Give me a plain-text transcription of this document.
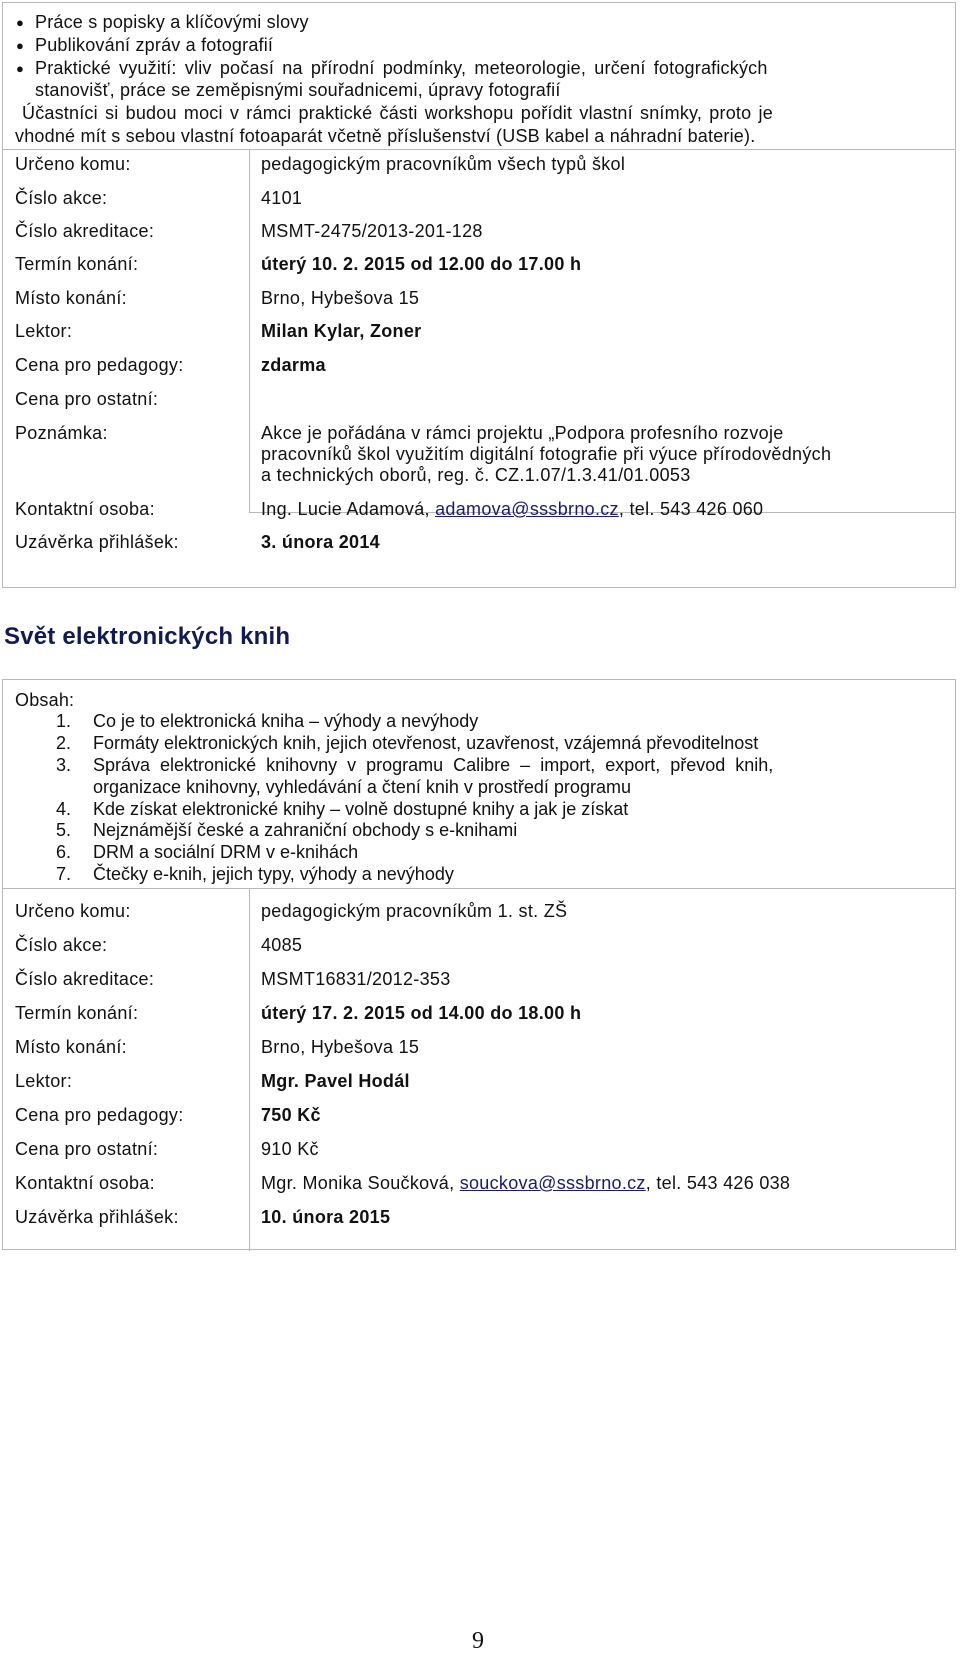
● Práce s popisky a klíčovými slovy
● Publikování zpráv a fotografií
● Praktické využití: vliv počasí na přírodní podmínky, meteorologie, určení fotografických
stanovišť, práce se zeměpisnými souřadnicemi, úpravy fotografií
Účastníci si budou moci v rámci praktické části workshopu pořídit vlastní snímky, proto je
vhodné mít s sebou vlastní fotoaparát včetně příslušenství (USB kabel a náhradní baterie).
Určeno komu:	pedagogickým pracovníkům všech typů škol
Číslo akce:	4101
Číslo akreditace:	MSMT-2475/2013-201-128
Termín konání:	úterý 10. 2. 2015 od 12.00 do 17.00 h
Místo konání:	Brno, Hybešova 15
Lektor:	Milan Kylar, Zoner
Cena pro pedagogy:	zdarma
Cena pro ostatní:
Poznámka:	Akce je pořádána v rámci projektu „Podpora profesního rozvoje
pracovníků škol využitím digitální fotografie při výuce přírodovědných
a technických oborů, reg. č. CZ.1.07/1.3.41/01.0053
Kontaktní osoba:	Ing. Lucie Adamová, adamova@sssbrno.cz, tel. 543 426 060
Uzávěrka přihlášek:	3. února 2014
Svět elektronických knih
Obsah:
1. Co je to elektronická kniha – výhody a nevýhody
2. Formáty elektronických knih, jejich otevřenost, uzavřenost, vzájemná převoditelnost
3. Správa elektronické knihovny v programu Calibre – import, export, převod knih,
organizace knihovny, vyhledávání a čtení knih v prostředí programu
4. Kde získat elektronické knihy – volně dostupné knihy a jak je získat
5. Nejznámější české a zahraniční obchody s e-knihami
6. DRM a sociální DRM v e-knihách
7. Čtečky e-knih, jejich typy, výhody a nevýhody
Určeno komu:	pedagogickým pracovníkům 1. st. ZŠ
Číslo akce:	4085
Číslo akreditace:	MSMT16831/2012-353
Termín konání:	úterý 17. 2. 2015 od 14.00 do 18.00 h
Místo konání:	Brno, Hybešova 15
Lektor:	Mgr. Pavel Hodál
Cena pro pedagogy:	750 Kč
Cena pro ostatní:	910 Kč
Kontaktní osoba:	Mgr. Monika Součková, souckova@sssbrno.cz, tel. 543 426 038
Uzávěrka přihlášek:	10. února 2015
9
